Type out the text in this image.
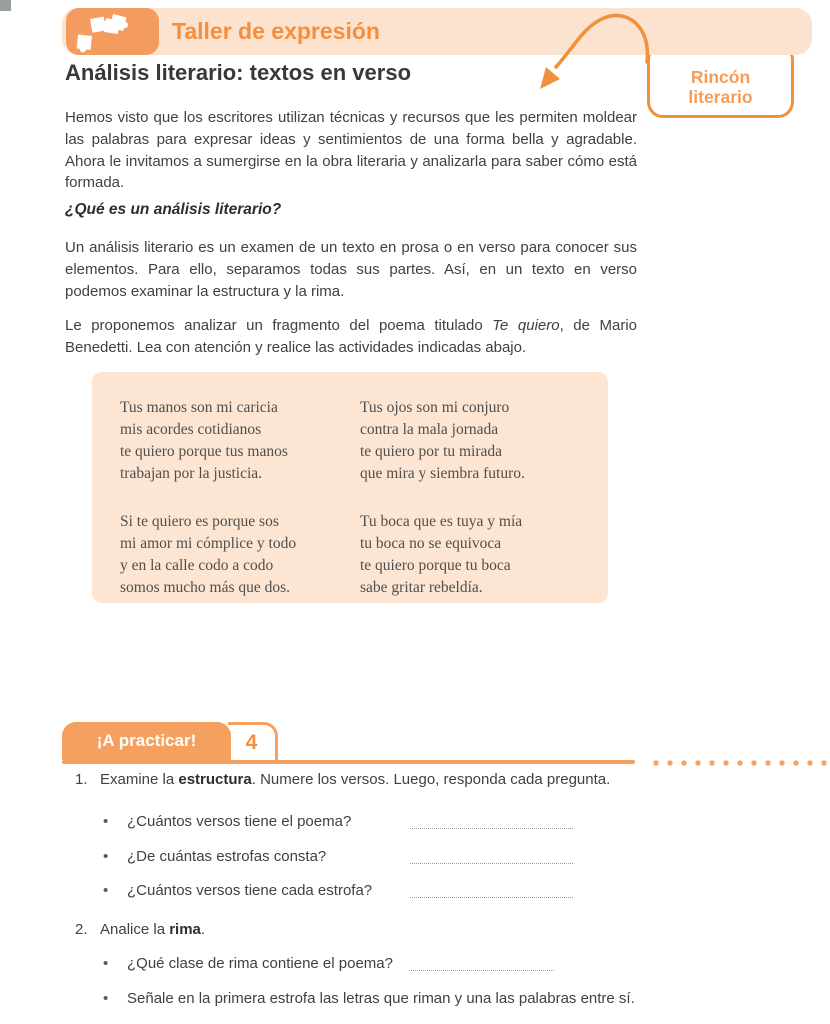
Taller de expresión
Rincón
literario
Análisis literario: textos en verso

Hemos visto que los escritores utilizan técnicas y recursos que les permiten moldear las palabras para expresar ideas y sentimientos de una forma bella y agradable. Ahora le invitamos a sumergirse en la obra literaria y analizarla para saber cómo está formada.

¿Qué es un análisis literario?

Un análisis literario es un examen de un texto en prosa o en verso para conocer sus elementos. Para ello, separamos todas sus partes. Así, en un texto en verso podemos examinar la estructura y la rima.

Le proponemos analizar un fragmento del poema titulado Te quiero, de Mario Benedetti. Lea con atención y realice las actividades indicadas abajo.

Tus manos son mi caricia
mis acordes cotidianos
te quiero porque tus manos
trabajan por la justicia.
Tus ojos son mi conjuro
contra la mala jornada
te quiero por tu mirada
que mira y siembra futuro.
Si te quiero es porque sos
mi amor mi cómplice y todo
y en la calle codo a codo
somos mucho más que dos.
Tu boca que es tuya y mía
tu boca no se equivoca
te quiero porque tu boca
sabe gritar rebeldía.
¡A practicar!	4
1. Examine la estructura. Numere los versos. Luego, responda cada pregunta.
• ¿Cuántos versos tiene el poema?
• ¿De cuántas estrofas consta?
• ¿Cuántos versos tiene cada estrofa?
2. Analice la rima.
• ¿Qué clase de rima contiene el poema?
• Señale en la primera estrofa las letras que riman y una las palabras entre sí.
